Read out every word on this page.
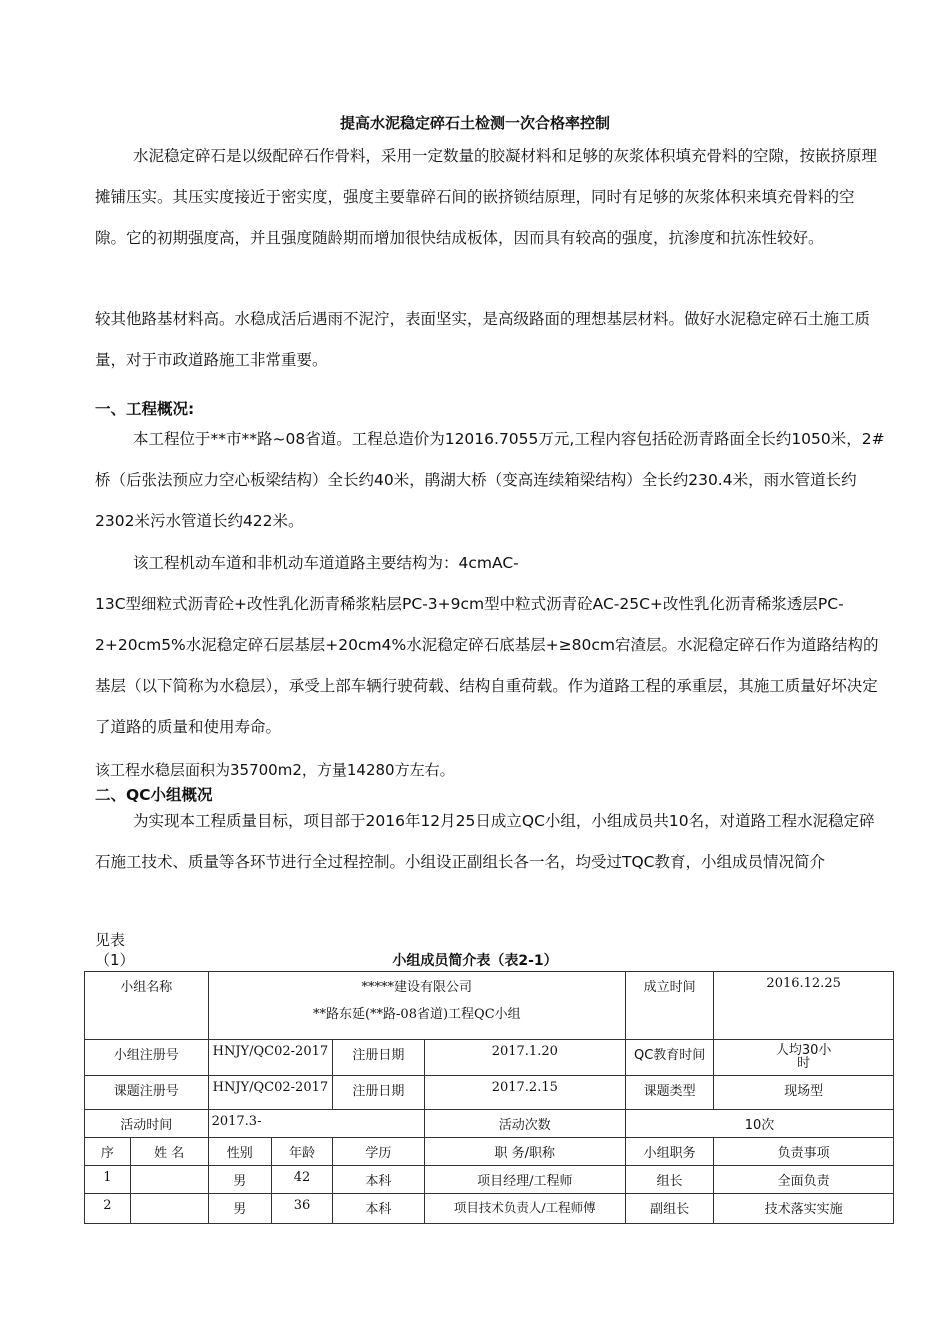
提高水泥稳定碎石土检测一次合格率控制
水泥稳定碎石是以级配碎石作骨料，采用一定数量的胶凝材料和足够的灰浆体积填充骨料的空隙，按嵌挤原理摊铺压实。其压实度接近于密实度，强度主要靠碎石间的嵌挤锁结原理，同时有足够的灰浆体积来填充骨料的空隙。它的初期强度高，并且强度随龄期而增加很快结成板体，因而具有较高的强度，抗渗度和抗冻性较好。
较其他路基材料高。水稳成活后遇雨不泥泞，表面坚实，是高级路面的理想基层材料。做好水泥稳定碎石土施工质量，对于市政道路施工非常重要。
一、工程概况:
本工程位于**市**路~08省道。工程总造价为12016.7055万元,工程内容包括砼沥青路面全长约1050米，2#桥（后张法预应力空心板梁结构）全长约40米，鹃湖大桥（变高连续箱梁结构）全长约230.4米，雨水管道长约2302米污水管道长约422米。
该工程机动车道和非机动车道道路主要结构为：4cmAC-
13C型细粒式沥青砼+改性乳化沥青稀浆粘层PC-3+9cm型中粒式沥青砼AC-25C+改性乳化沥青稀浆透层PC-2+20cm5%水泥稳定碎石层基层+20cm4%水泥稳定碎石底基层+≥80cm宕渣层。水泥稳定碎石作为道路结构的基层（以下简称为水稳层），承受上部车辆行驶荷载、结构自重荷载。作为道路工程的承重层，其施工质量好坏决定了道路的质量和使用寿命。
该工程水稳层面积为35700m2，方量14280方左右。
二、QC小组概况
为实现本工程质量目标，项目部于2016年12月25日成立QC小组，小组成员共10名，对道路工程水泥稳定碎石施工技术、质量等各环节进行全过程控制。小组设正副组长各一名，均受过TQC教育，小组成员情况简介
见表
（1）	小组成员简介表（表2-1）
小组名称		*****建设有限公司
**路东延(**路-08省道)工程QC小组				成立时间	2016.12.25
小组注册号		HNJY/QC02-2017		注册日期	2017.1.20	QC教育时间	人均30小
时

课题注册号		HNJY/QC02-2017		注册日期	2017.2.15	课题类型	现场型
活动时间		2017.3-			活动次数	10次	
序	姓 名	性别	年龄	学历	职 务/职称	小组职务	负责事项
1		男	42	本科	项目经理/工程师	组长	全面负责
2		男	36	本科	项目技术负责人/工程师傅	副组长	技术落实实施
